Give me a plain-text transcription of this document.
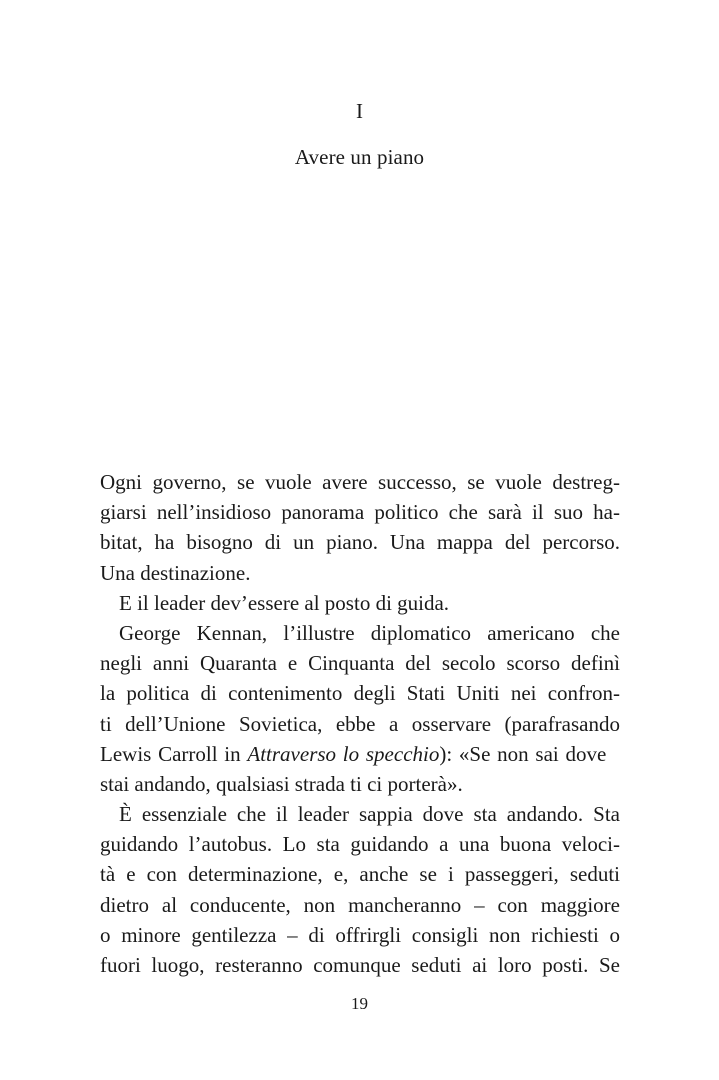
I
Avere un piano
Ogni governo, se vuole avere successo, se vuole destreg-
giarsi nell’insidioso panorama politico che sarà il suo ha-
bitat, ha bisogno di un piano. Una mappa del percorso.
Una destinazione.
E il leader dev’essere al posto di guida.
George Kennan, l’illustre diplomatico americano che
negli anni Quaranta e Cinquanta del secolo scorso definì
la politica di contenimento degli Stati Uniti nei confron-
ti dell’Unione Sovietica, ebbe a osservare (parafrasando
Lewis Carroll in Attraverso lo specchio): «Se non sai dove
stai andando, qualsiasi strada ti ci porterà».
È essenziale che il leader sappia dove sta andando. Sta
guidando l’autobus. Lo sta guidando a una buona veloci-
tà e con determinazione, e, anche se i passeggeri, seduti
dietro al conducente, non mancheranno – con maggiore
o minore gentilezza – di offrirgli consigli non richiesti o
fuori luogo, resteranno comunque seduti ai loro posti. Se
19
